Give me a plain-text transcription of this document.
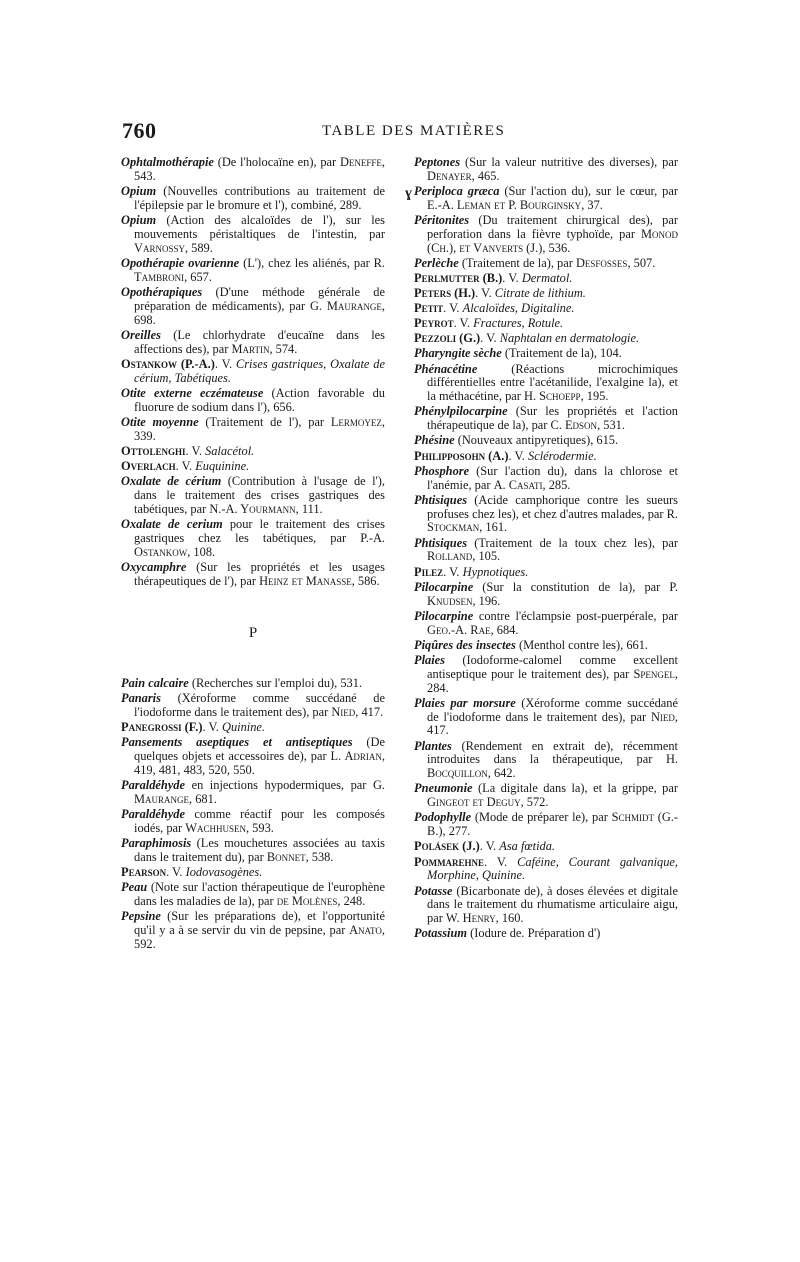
760	TABLE DES MATIÈRES
ɣ

Ophtalmothérapie (De l'holocaïne en), par Deneffe, 543.

Opium (Nouvelles contributions au traitement de l'épilepsie par le bromure et l'), combiné, 289.

Opium (Action des alcaloïdes de l'), sur les mouvements péristaltiques de l'intestin, par Varnossy, 589.

Opothérapie ovarienne (L'), chez les aliénés, par R. Tambroni, 657.

Opothérapiques (D'une méthode générale de préparation de médicaments), par G. Maurange, 698.

Oreilles (Le chlorhydrate d'eucaïne dans les affections des), par Martin, 574.

Ostankow (P.-A.). V. Crises gastriques, Oxalate de cérium, Tabétiques.

Otite externe eczémateuse (Action favorable du fluorure de sodium dans l'), 656.

Otite moyenne (Traitement de l'), par Lermoyez, 339.

Ottolenghi. V. Salacétol.

Overlach. V. Euquinine.

Oxalate de cérium (Contribution à l'usage de l'), dans le traitement des crises gastriques des tabétiques, par N.-A. Yourmann, 111.

Oxalate de cerium pour le traitement des crises gastriques chez les tabétiques, par P.-A. Ostankow, 108.

Oxycamphre (Sur les propriétés et les usages thérapeutiques de l'), par Heinz et Manasse, 586.

P

Pain calcaire (Recherches sur l'emploi du), 531.

Panaris (Xéroforme comme succédané de l'iodoforme dans le traitement des), par Nied, 417.

Panegrossi (F.). V. Quinine.

Pansements aseptiques et antiseptiques (De quelques objets et accessoires de), par L. Adrian, 419, 481, 483, 520, 550.

Paraldéhyde en injections hypodermiques, par G. Maurange, 681.

Paraldéhyde comme réactif pour les composés iodés, par Wachhusen, 593.

Paraphimosis (Les mouchetures associées au taxis dans le traitement du), par Bonnet, 538.

Pearson. V. Iodovasogènes.

Peau (Note sur l'action thérapeutique de l'europhène dans les maladies de la), par de Molènes, 248.

Pepsine (Sur les préparations de), et l'opportunité qu'il y a à se servir du vin de pepsine, par Anato, 592.

Peptones (Sur la valeur nutritive des diverses), par Denayer, 465.

Periploca græca (Sur l'action du), sur le cœur, par E.-A. Leman et P. Bourginsky, 37.

Péritonites (Du traitement chirurgical des), par perforation dans la fièvre typhoïde, par Monod (Ch.), et Vanverts (J.), 536.

Perlèche (Traitement de la), par Desfosses, 507.

Perlmutter (B.). V. Dermatol.

Peters (H.). V. Citrate de lithium.

Petit. V. Alcaloïdes, Digitaline.

Peyrot. V. Fractures, Rotule.

Pezzoli (G.). V. Naphtalan en dermatologie.

Pharyngite sèche (Traitement de la), 104.

Phénacétine (Réactions microchimiques différentielles entre l'acétanilide, l'exalgine la), et la méthacétine, par H. Schoepp, 195.

Phénylpilocarpine (Sur les propriétés et l'action thérapeutique de la), par C. Edson, 531.

Phésine (Nouveaux antipyretiques), 615.

Philipposohn (A.). V. Sclérodermie.

Phosphore (Sur l'action du), dans la chlorose et l'anémie, par A. Casati, 285.

Phtisiques (Acide camphorique contre les sueurs profuses chez les), et chez d'autres malades, par R. Stockman, 161.

Phtisiques (Traitement de la toux chez les), par Rolland, 105.

Pilez. V. Hypnotiques.

Pilocarpine (Sur la constitution de la), par P. Knudsen, 196.

Pilocarpine contre l'éclampsie post-puerpérale, par Geo.-A. Rae, 684.

Piqûres des insectes (Menthol contre les), 661.

Plaies (Iodoforme-calomel comme excellent antiseptique pour le traitement des), par Spengel, 284.

Plaies par morsure (Xéroforme comme succédané de l'iodoforme dans le traitement des), par Nied, 417.

Plantes (Rendement en extrait de), récemment introduites dans la thérapeutique, par H. Bocquillon, 642.

Pneumonie (La digitale dans la), et la grippe, par Gingeot et Deguy, 572.

Podophylle (Mode de préparer le), par Schmidt (G.-B.), 277.

Polásek (J.). V. Asa fœtida.

Pommarehne. V. Caféine, Courant galvanique, Morphine, Quinine.

Potasse (Bicarbonate de), à doses élevées et digitale dans le traitement du rhumatisme articulaire aigu, par W. Henry, 160.

Potassium (Iodure de. Préparation d')
